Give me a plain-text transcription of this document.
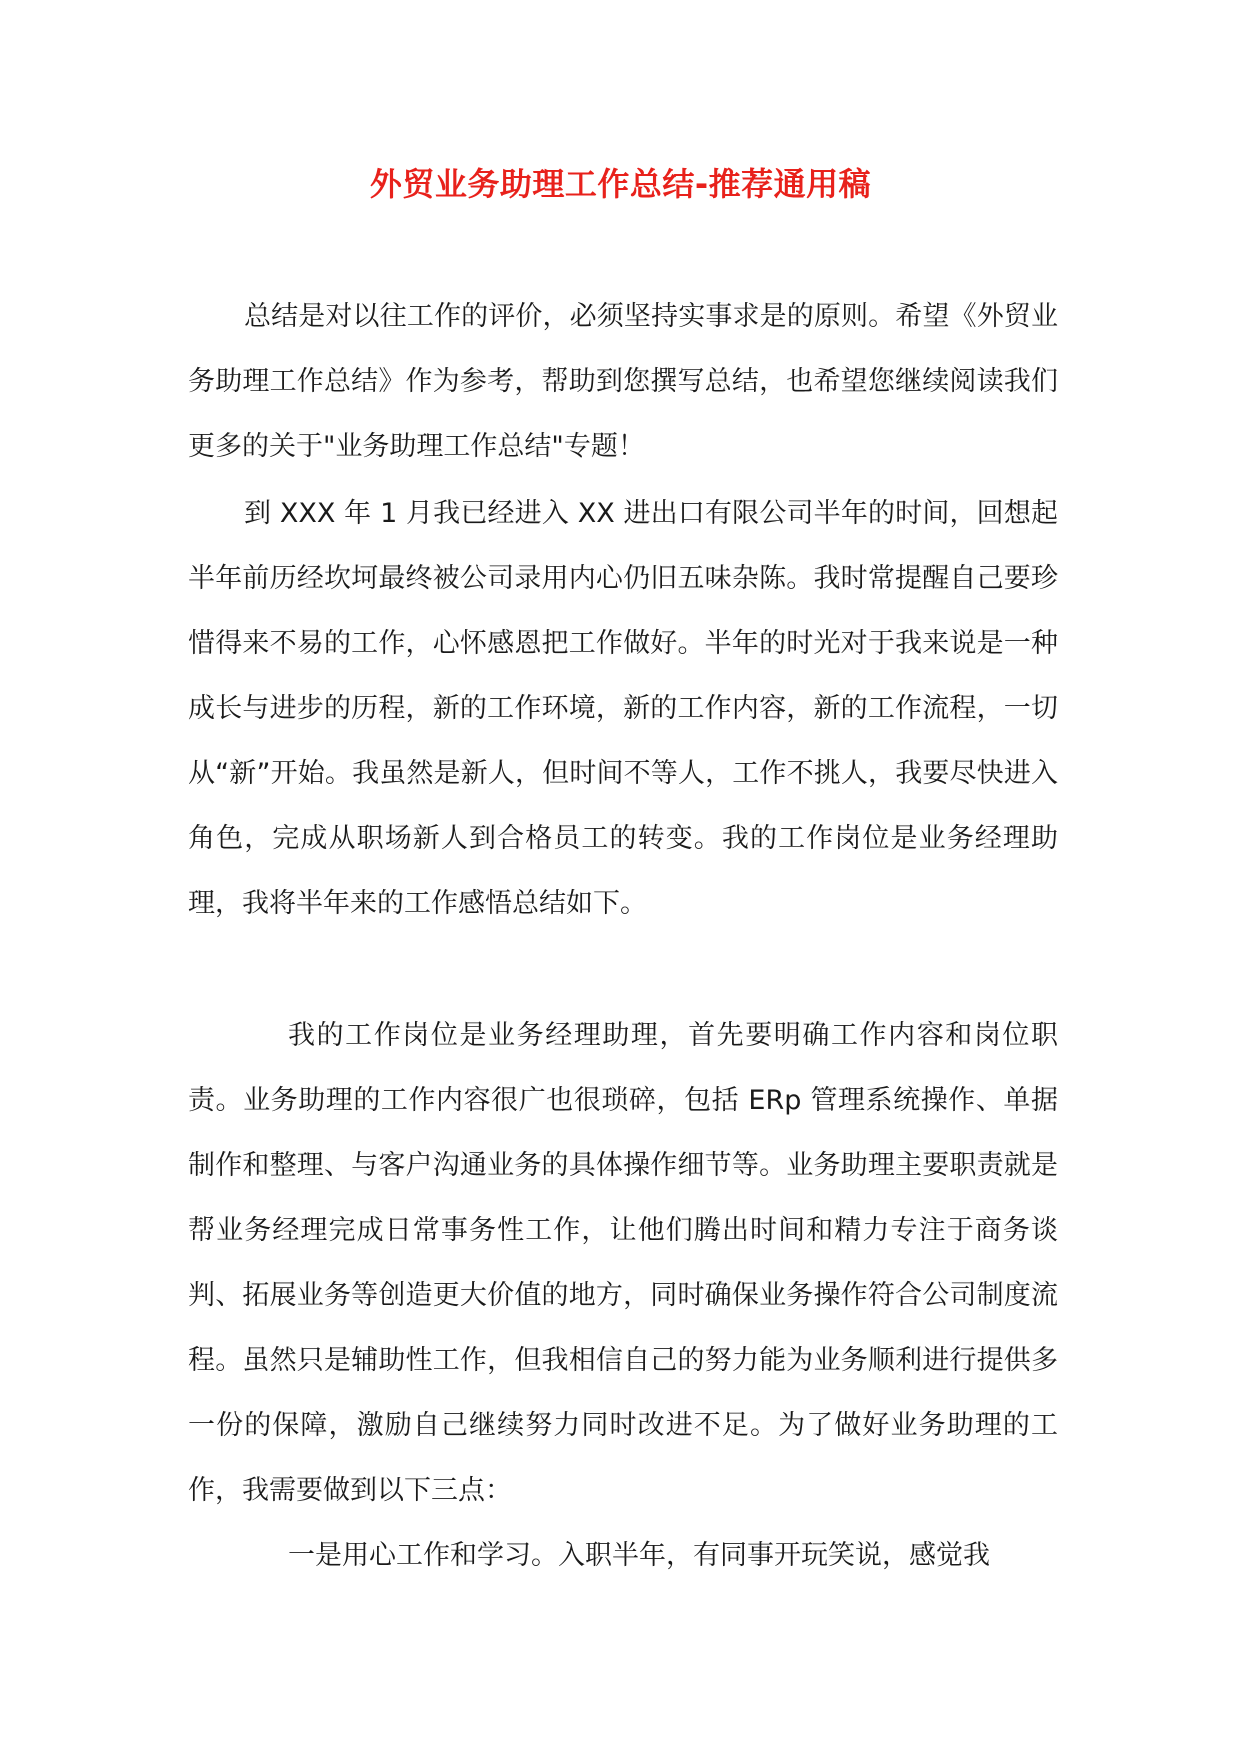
外贸业务助理工作总结-推荐通用稿
总结是对以往工作的评价，必须坚持实事求是的原则。希望《外贸业务助理工作总结》作为参考，帮助到您撰写总结，也希望您继续阅读我们更多的关于"业务助理工作总结"专题！
到 XXX 年 1 月我已经进入 XX 进出口有限公司半年的时间，回想起半年前历经坎坷最终被公司录用内心仍旧五味杂陈。我时常提醒自己要珍惜得来不易的工作，心怀感恩把工作做好。半年的时光对于我来说是一种成长与进步的历程，新的工作环境，新的工作内容，新的工作流程，一切从“新”开始。我虽然是新人，但时间不等人，工作不挑人，我要尽快进入角色，完成从职场新人到合格员工的转变。我的工作岗位是业务经理助理，我将半年来的工作感悟总结如下。
我的工作岗位是业务经理助理，首先要明确工作内容和岗位职责。业务助理的工作内容很广也很琐碎，包括 ERp 管理系统操作、单据制作和整理、与客户沟通业务的具体操作细节等。业务助理主要职责就是帮业务经理完成日常事务性工作，让他们腾出时间和精力专注于商务谈判、拓展业务等创造更大价值的地方，同时确保业务操作符合公司制度流程。虽然只是辅助性工作，但我相信自己的努力能为业务顺利进行提供多一份的保障，激励自己继续努力同时改进不足。为了做好业务助理的工作，我需要做到以下三点：
一是用心工作和学习。入职半年，有同事开玩笑说，感觉我
